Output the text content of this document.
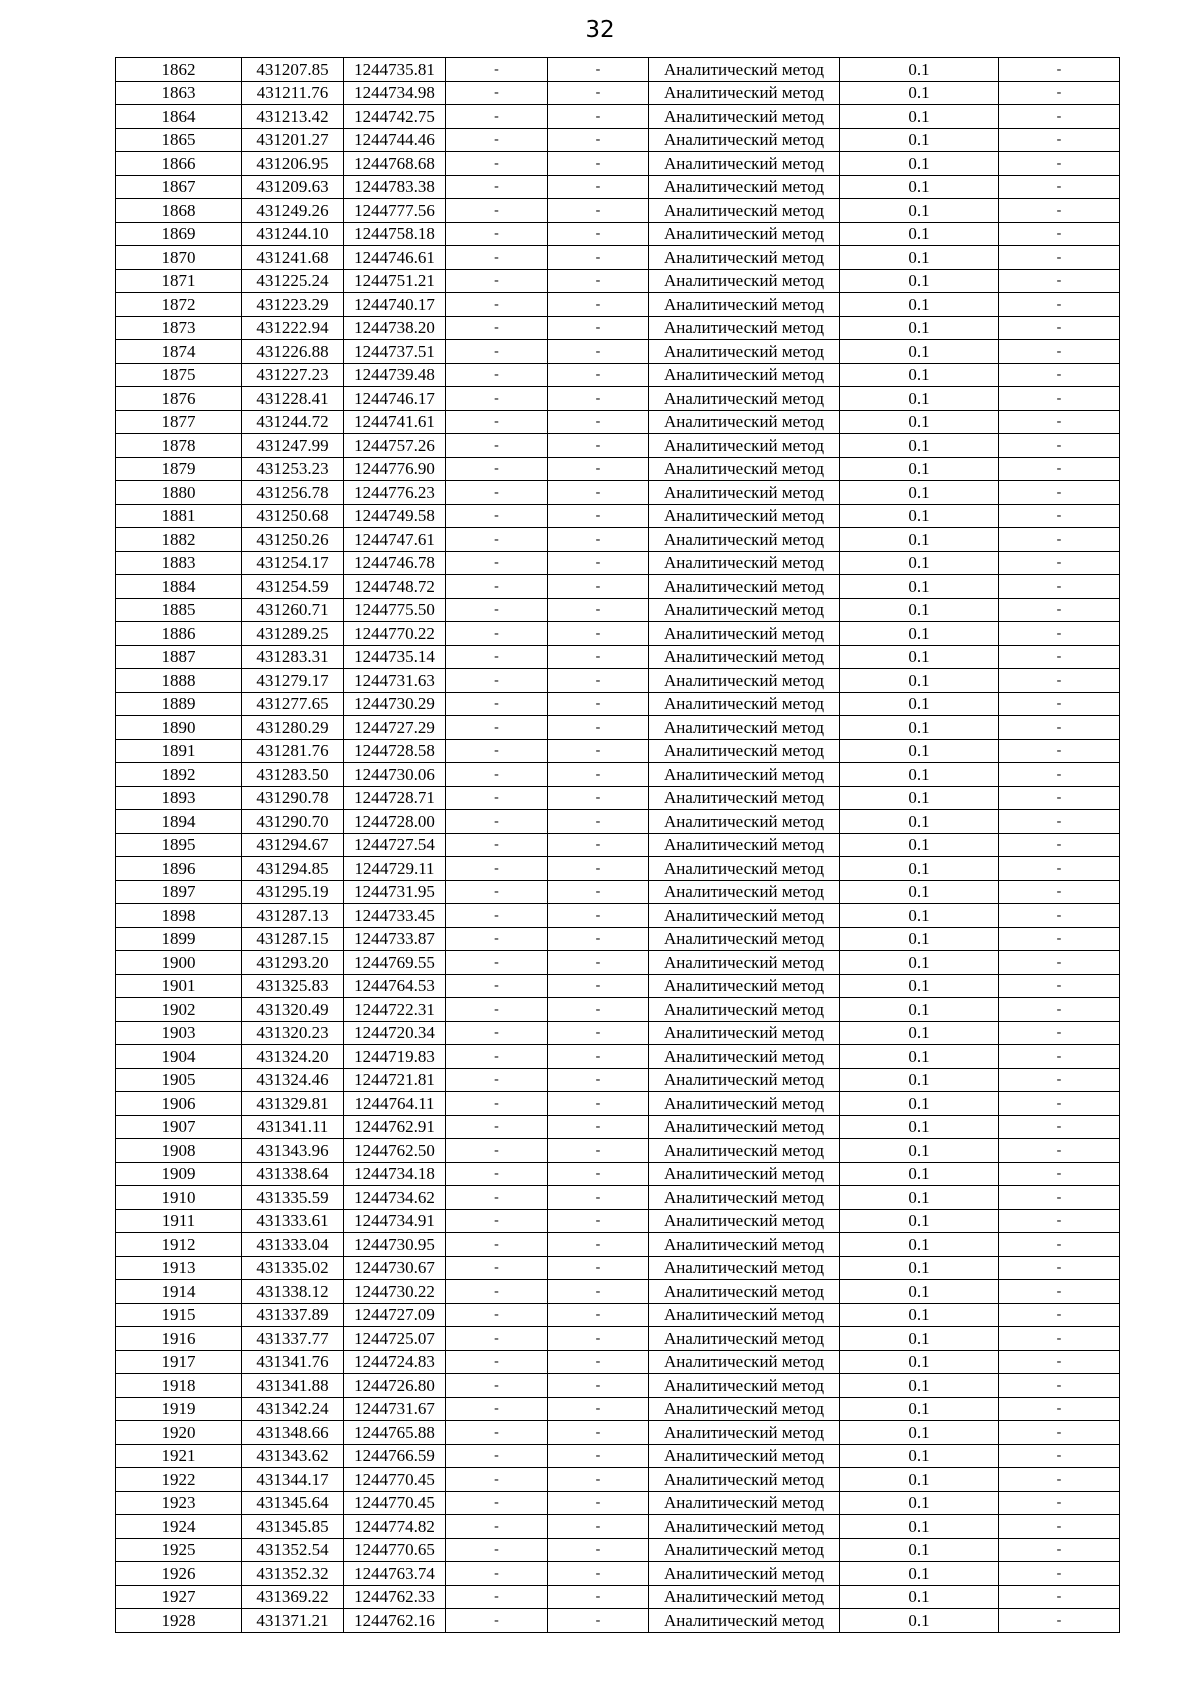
32
1862	431207.85	1244735.81	-	-	Аналитический метод	0.1	-
1863	431211.76	1244734.98	-	-	Аналитический метод	0.1	-
1864	431213.42	1244742.75	-	-	Аналитический метод	0.1	-
1865	431201.27	1244744.46	-	-	Аналитический метод	0.1	-
1866	431206.95	1244768.68	-	-	Аналитический метод	0.1	-
1867	431209.63	1244783.38	-	-	Аналитический метод	0.1	-
1868	431249.26	1244777.56	-	-	Аналитический метод	0.1	-
1869	431244.10	1244758.18	-	-	Аналитический метод	0.1	-
1870	431241.68	1244746.61	-	-	Аналитический метод	0.1	-
1871	431225.24	1244751.21	-	-	Аналитический метод	0.1	-
1872	431223.29	1244740.17	-	-	Аналитический метод	0.1	-
1873	431222.94	1244738.20	-	-	Аналитический метод	0.1	-
1874	431226.88	1244737.51	-	-	Аналитический метод	0.1	-
1875	431227.23	1244739.48	-	-	Аналитический метод	0.1	-
1876	431228.41	1244746.17	-	-	Аналитический метод	0.1	-
1877	431244.72	1244741.61	-	-	Аналитический метод	0.1	-
1878	431247.99	1244757.26	-	-	Аналитический метод	0.1	-
1879	431253.23	1244776.90	-	-	Аналитический метод	0.1	-
1880	431256.78	1244776.23	-	-	Аналитический метод	0.1	-
1881	431250.68	1244749.58	-	-	Аналитический метод	0.1	-
1882	431250.26	1244747.61	-	-	Аналитический метод	0.1	-
1883	431254.17	1244746.78	-	-	Аналитический метод	0.1	-
1884	431254.59	1244748.72	-	-	Аналитический метод	0.1	-
1885	431260.71	1244775.50	-	-	Аналитический метод	0.1	-
1886	431289.25	1244770.22	-	-	Аналитический метод	0.1	-
1887	431283.31	1244735.14	-	-	Аналитический метод	0.1	-
1888	431279.17	1244731.63	-	-	Аналитический метод	0.1	-
1889	431277.65	1244730.29	-	-	Аналитический метод	0.1	-
1890	431280.29	1244727.29	-	-	Аналитический метод	0.1	-
1891	431281.76	1244728.58	-	-	Аналитический метод	0.1	-
1892	431283.50	1244730.06	-	-	Аналитический метод	0.1	-
1893	431290.78	1244728.71	-	-	Аналитический метод	0.1	-
1894	431290.70	1244728.00	-	-	Аналитический метод	0.1	-
1895	431294.67	1244727.54	-	-	Аналитический метод	0.1	-
1896	431294.85	1244729.11	-	-	Аналитический метод	0.1	-
1897	431295.19	1244731.95	-	-	Аналитический метод	0.1	-
1898	431287.13	1244733.45	-	-	Аналитический метод	0.1	-
1899	431287.15	1244733.87	-	-	Аналитический метод	0.1	-
1900	431293.20	1244769.55	-	-	Аналитический метод	0.1	-
1901	431325.83	1244764.53	-	-	Аналитический метод	0.1	-
1902	431320.49	1244722.31	-	-	Аналитический метод	0.1	-
1903	431320.23	1244720.34	-	-	Аналитический метод	0.1	-
1904	431324.20	1244719.83	-	-	Аналитический метод	0.1	-
1905	431324.46	1244721.81	-	-	Аналитический метод	0.1	-
1906	431329.81	1244764.11	-	-	Аналитический метод	0.1	-
1907	431341.11	1244762.91	-	-	Аналитический метод	0.1	-
1908	431343.96	1244762.50	-	-	Аналитический метод	0.1	-
1909	431338.64	1244734.18	-	-	Аналитический метод	0.1	-
1910	431335.59	1244734.62	-	-	Аналитический метод	0.1	-
1911	431333.61	1244734.91	-	-	Аналитический метод	0.1	-
1912	431333.04	1244730.95	-	-	Аналитический метод	0.1	-
1913	431335.02	1244730.67	-	-	Аналитический метод	0.1	-
1914	431338.12	1244730.22	-	-	Аналитический метод	0.1	-
1915	431337.89	1244727.09	-	-	Аналитический метод	0.1	-
1916	431337.77	1244725.07	-	-	Аналитический метод	0.1	-
1917	431341.76	1244724.83	-	-	Аналитический метод	0.1	-
1918	431341.88	1244726.80	-	-	Аналитический метод	0.1	-
1919	431342.24	1244731.67	-	-	Аналитический метод	0.1	-
1920	431348.66	1244765.88	-	-	Аналитический метод	0.1	-
1921	431343.62	1244766.59	-	-	Аналитический метод	0.1	-
1922	431344.17	1244770.45	-	-	Аналитический метод	0.1	-
1923	431345.64	1244770.45	-	-	Аналитический метод	0.1	-
1924	431345.85	1244774.82	-	-	Аналитический метод	0.1	-
1925	431352.54	1244770.65	-	-	Аналитический метод	0.1	-
1926	431352.32	1244763.74	-	-	Аналитический метод	0.1	-
1927	431369.22	1244762.33	-	-	Аналитический метод	0.1	-
1928	431371.21	1244762.16	-	-	Аналитический метод	0.1	-
